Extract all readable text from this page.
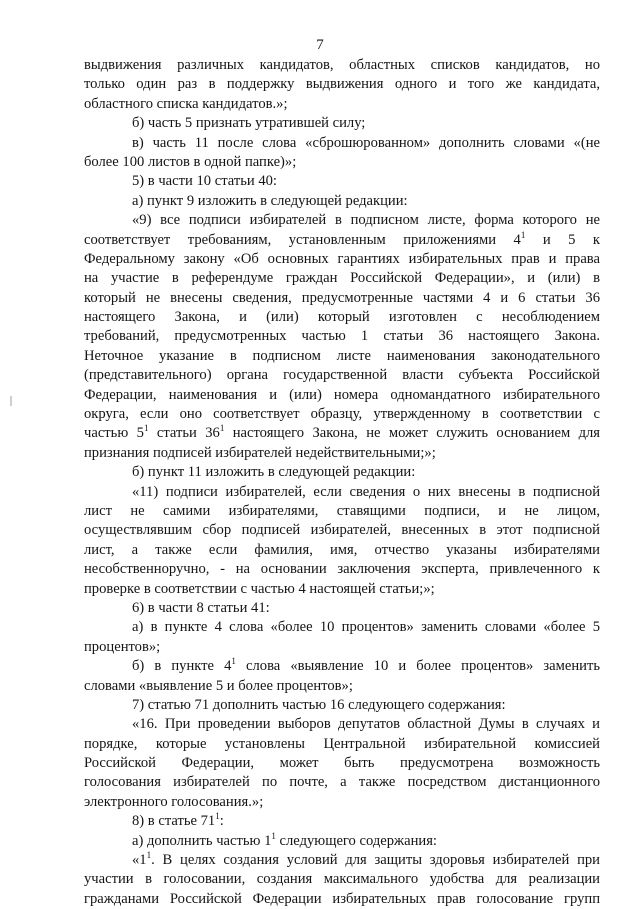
7
выдвижения различных кандидатов, областных списков кандидатов, но
только один раз в поддержку выдвижения одного и того же кандидата,
областного списка кандидатов.»;
б) часть 5 признать утратившей силу;
в) часть 11 после слова «сброшюрованном» дополнить словами «(не
более 100 листов в одной папке)»;
5) в части 10 статьи 40:
а) пункт 9 изложить в следующей редакции:
«9) все подписи избирателей в подписном листе, форма которого не
соответствует требованиям, установленным приложениями $4^1$ и 5 к
Федеральному закону «Об основных гарантиях избирательных прав и права
на участие в референдуме граждан Российской Федерации», и (или) в
который не внесены сведения, предусмотренные частями 4 и 6 статьи 36
настоящего Закона, и (или) который изготовлен с несоблюдением
требований, предусмотренных частью 1 статьи 36 настоящего Закона.
Неточное указание в подписном листе наименования законодательного
(представительного) органа государственной власти субъекта Российской
Федерации, наименования и (или) номера одномандатного избирательного
округа, если оно соответствует образцу, утвержденному в соответствии с
частью $5^1$ статьи $36^1$ настоящего Закона, не может служить основанием для
признания подписей избирателей недействительными;»;
б) пункт 11 изложить в следующей редакции:
«11) подписи избирателей, если сведения о них внесены в подписной
лист не самими избирателями, ставящими подписи, и не лицом,
осуществлявшим сбор подписей избирателей, внесенных в этот подписной
лист, а также если фамилия, имя, отчество указаны избирателями
несобственноручно, - на основании заключения эксперта, привлеченного к
проверке в соответствии с частью 4 настоящей статьи;»;
6) в части 8 статьи 41:
а) в пункте 4 слова «более 10 процентов» заменить словами «более 5
процентов»;
б) в пункте $4^1$ слова «выявление 10 и более процентов» заменить
словами «выявление 5 и более процентов»;
7) статью 71 дополнить частью 16 следующего содержания:
«16. При проведении выборов депутатов областной Думы в случаях и
порядке, которые установлены Центральной избирательной комиссией
Российской Федерации, может быть предусмотрена возможность
голосования избирателей по почте, а также посредством дистанционного
электронного голосования.»;
8) в статье $71^1$:
а) дополнить частью $1^1$ следующего содержания:
«$1^1$. В целях создания условий для защиты здоровья избирателей при
участии в голосовании, создания максимального удобства для реализации
гражданами Российской Федерации избирательных прав голосование групп
